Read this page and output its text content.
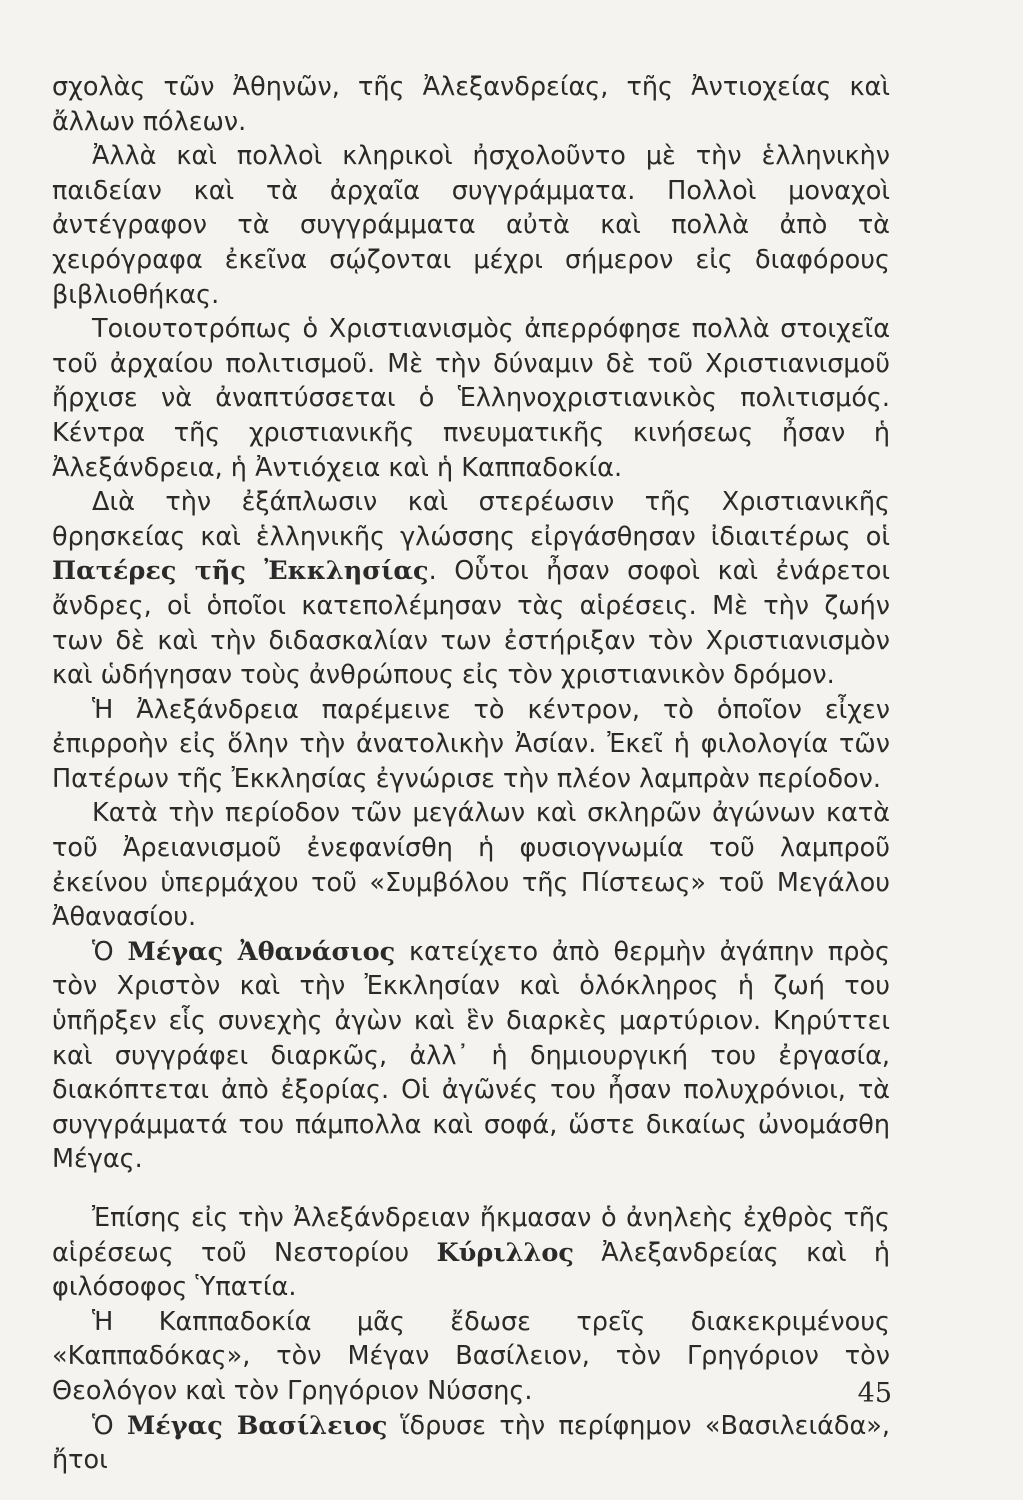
σχολὰς τῶν Ἀθηνῶν, τῆς Ἀλεξανδρείας, τῆς Ἀντιοχείας καὶ ἄλλων πόλεων.

Ἀλλὰ καὶ πολλοὶ κληρικοὶ ἠσχολοῦντο μὲ τὴν ἑλληνικὴν παιδείαν καὶ τὰ ἀρχαῖα συγγράμματα. Πολλοὶ μοναχοὶ ἀντέγραφον τὰ συγγράμματα αὐτὰ καὶ πολλὰ ἀπὸ τὰ χειρόγραφα ἐκεῖνα σῴζονται μέχρι σήμερον εἰς διαφόρους βιβλιοθήκας.

Τοιουτοτρόπως ὁ Χριστιανισμὸς ἀπερρόφησε πολλὰ στοιχεῖα τοῦ ἀρχαίου πολιτισμοῦ. Μὲ τὴν δύναμιν δὲ τοῦ Χριστιανισμοῦ ἤρχισε νὰ ἀναπτύσσεται ὁ Ἑλληνοχριστιανικὸς πολιτισμός. Κέντρα τῆς χριστιανικῆς πνευματικῆς κινήσεως ἦσαν ἡ Ἀλεξάνδρεια, ἡ Ἀντιόχεια καὶ ἡ Καππαδοκία.

Διὰ τὴν ἐξάπλωσιν καὶ στερέωσιν τῆς Χριστιανικῆς θρησκείας καὶ ἑλληνικῆς γλώσσης εἰργάσθησαν ἰδιαιτέρως οἱ Πατέρες τῆς Ἐκκλησίας. Οὗτοι ἦσαν σοφοὶ καὶ ἐνάρετοι ἄνδρες, οἱ ὁποῖοι κατεπολέμησαν τὰς αἱρέσεις. Μὲ τὴν ζωήν των δὲ καὶ τὴν διδασκαλίαν των ἐστήριξαν τὸν Χριστιανισμὸν καὶ ὡδήγησαν τοὺς ἀνθρώπους εἰς τὸν χριστιανικὸν δρόμον.

Ἡ Ἀλεξάνδρεια παρέμεινε τὸ κέντρον, τὸ ὁποῖον εἶχεν ἐπιρροὴν εἰς ὅλην τὴν ἀνατολικὴν Ἀσίαν. Ἐκεῖ ἡ φιλολογία τῶν Πατέρων τῆς Ἐκκλησίας ἐγνώρισε τὴν πλέον λαμπρὰν περίοδον.

Κατὰ τὴν περίοδον τῶν μεγάλων καὶ σκληρῶν ἀγώνων κατὰ τοῦ Ἀρειανισμοῦ ἐνεφανίσθη ἡ φυσιογνωμία τοῦ λαμπροῦ ἐκείνου ὑπερμάχου τοῦ «Συμβόλου τῆς Πίστεως» τοῦ Μεγάλου Ἀθανασίου.

Ὁ Μέγας Ἀθανάσιος κατείχετο ἀπὸ θερμὴν ἀγάπην πρὸς τὸν Χριστὸν καὶ τὴν Ἐκκλησίαν καὶ ὁλόκληρος ἡ ζωή του ὑπῆρξεν εἷς συνεχὴς ἀγὼν καὶ ἓν διαρκὲς μαρτύριον. Κηρύττει καὶ συγγράφει διαρκῶς, ἀλλ᾿ ἡ δημιουργική του ἐργασία, διακόπτεται ἀπὸ ἐξορίας. Οἱ ἀγῶνές του ἦσαν πολυχρόνιοι, τὰ συγγράμματά του πάμπολλα καὶ σοφά, ὥστε δικαίως ὠνομάσθη Μέγας.

Ἐπίσης εἰς τὴν Ἀλεξάνδρειαν ἤκμασαν ὁ ἀνηλεὴς ἐχθρὸς τῆς αἱρέσεως τοῦ Νεστορίου Κύριλλος Ἀλεξανδρείας καὶ ἡ φιλόσοφος Ὑπατία.

Ἡ Καππαδοκία μᾶς ἔδωσε τρεῖς διακεκριμένους «Καππαδόκας», τὸν Μέγαν Βασίλειον, τὸν Γρηγόριον τὸν Θεολόγον καὶ τὸν Γρηγόριον Νύσσης.

Ὁ Μέγας Βασίλειος ἵδρυσε τὴν περίφημον «Βασιλειάδα», ἤτοι

45
